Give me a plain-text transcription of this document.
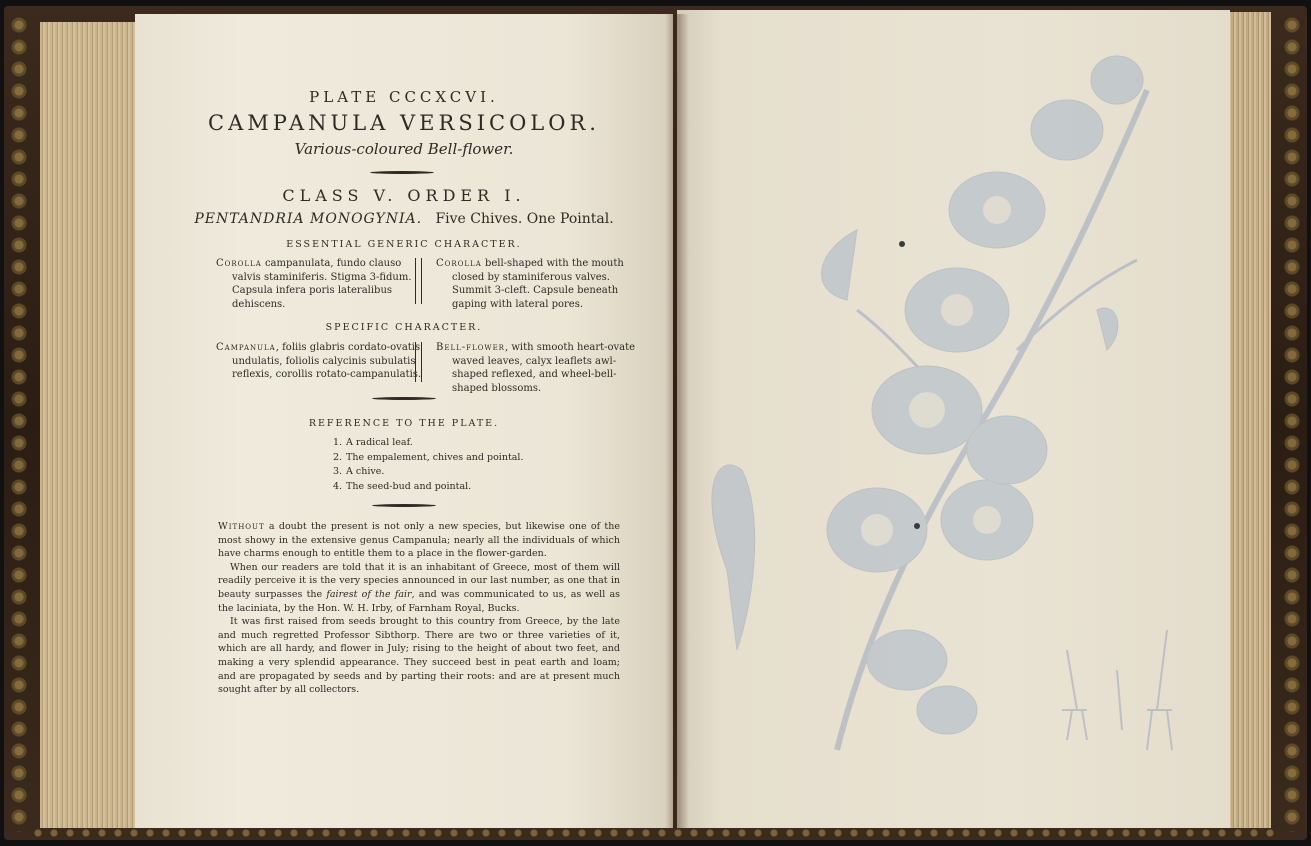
PLATE CCCXCVI.
CAMPANULA VERSICOLOR.
Various-coloured Bell-flower.
CLASS V. ORDER I.
PENTANDRIA MONOGYNIA. Five Chives. One Pointal.
ESSENTIAL GENERIC CHARACTER.
Corolla campanulata, fundo clauso valvis staminiferis. Stigma 3-fidum. Capsula infera poris lateralibus dehiscens.
Corolla bell-shaped with the mouth closed by staminiferous valves. Summit 3-cleft. Capsule beneath gaping with lateral pores.
SPECIFIC CHARACTER.
Campanula, foliis glabris cordato-ovatis undulatis, foliolis calycinis subulatis reflexis, corollis rotato-campanulatis.
Bell-flower, with smooth heart-ovate waved leaves, calyx leaflets awl-shaped reflexed, and wheel-bell-shaped blossoms.
REFERENCE TO THE PLATE.
1. A radical leaf.
2. The empalement, chives and pointal.
3. A chive.
4. The seed-bud and pointal.

Without a doubt the present is not only a new species, but likewise one of the most showy in the extensive genus Campanula; nearly all the individuals of which have charms enough to entitle them to a place in the flower-garden.

When our readers are told that it is an inhabitant of Greece, most of them will readily perceive it is the very species announced in our last number, as one that in beauty surpasses the fairest of the fair, and was communicated to us, as well as the laciniata, by the Hon. W. H. Irby, of Farnham Royal, Bucks.

It was first raised from seeds brought to this country from Greece, by the late and much regretted Professor Sibthorp. There are two or three varieties of it, which are all hardy, and flower in July; rising to the height of about two feet, and making a very splendid appearance. They succeed best in peat earth and loam; and are propagated by seeds and by parting their roots: and are at present much sought after by all collectors.
